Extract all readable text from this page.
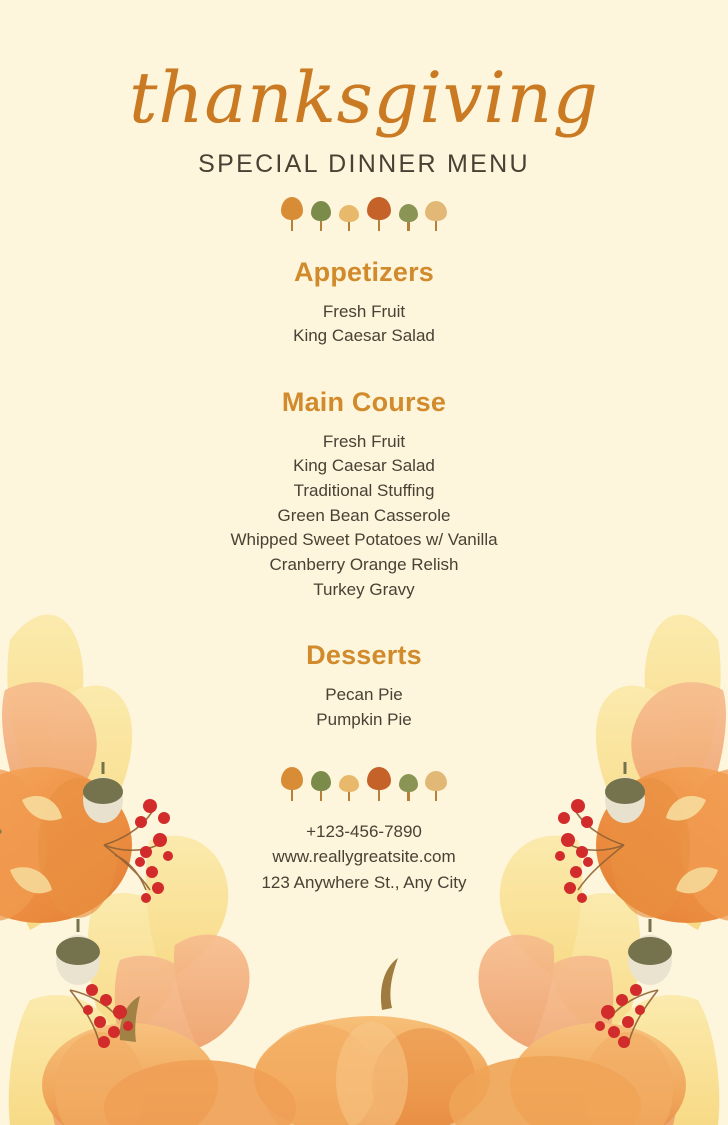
thanksgiving
SPECIAL DINNER MENU
Appetizers

Fresh Fruit

King Caesar Salad

Main Course

Fresh Fruit

King Caesar Salad

Traditional Stuffing

Green Bean Casserole

Whipped Sweet Potatoes w/ Vanilla

Cranberry Orange Relish

Turkey Gravy

Desserts

Pecan Pie

Pumpkin Pie

+123-456-7890

www.reallygreatsite.com

123 Anywhere St., Any City
